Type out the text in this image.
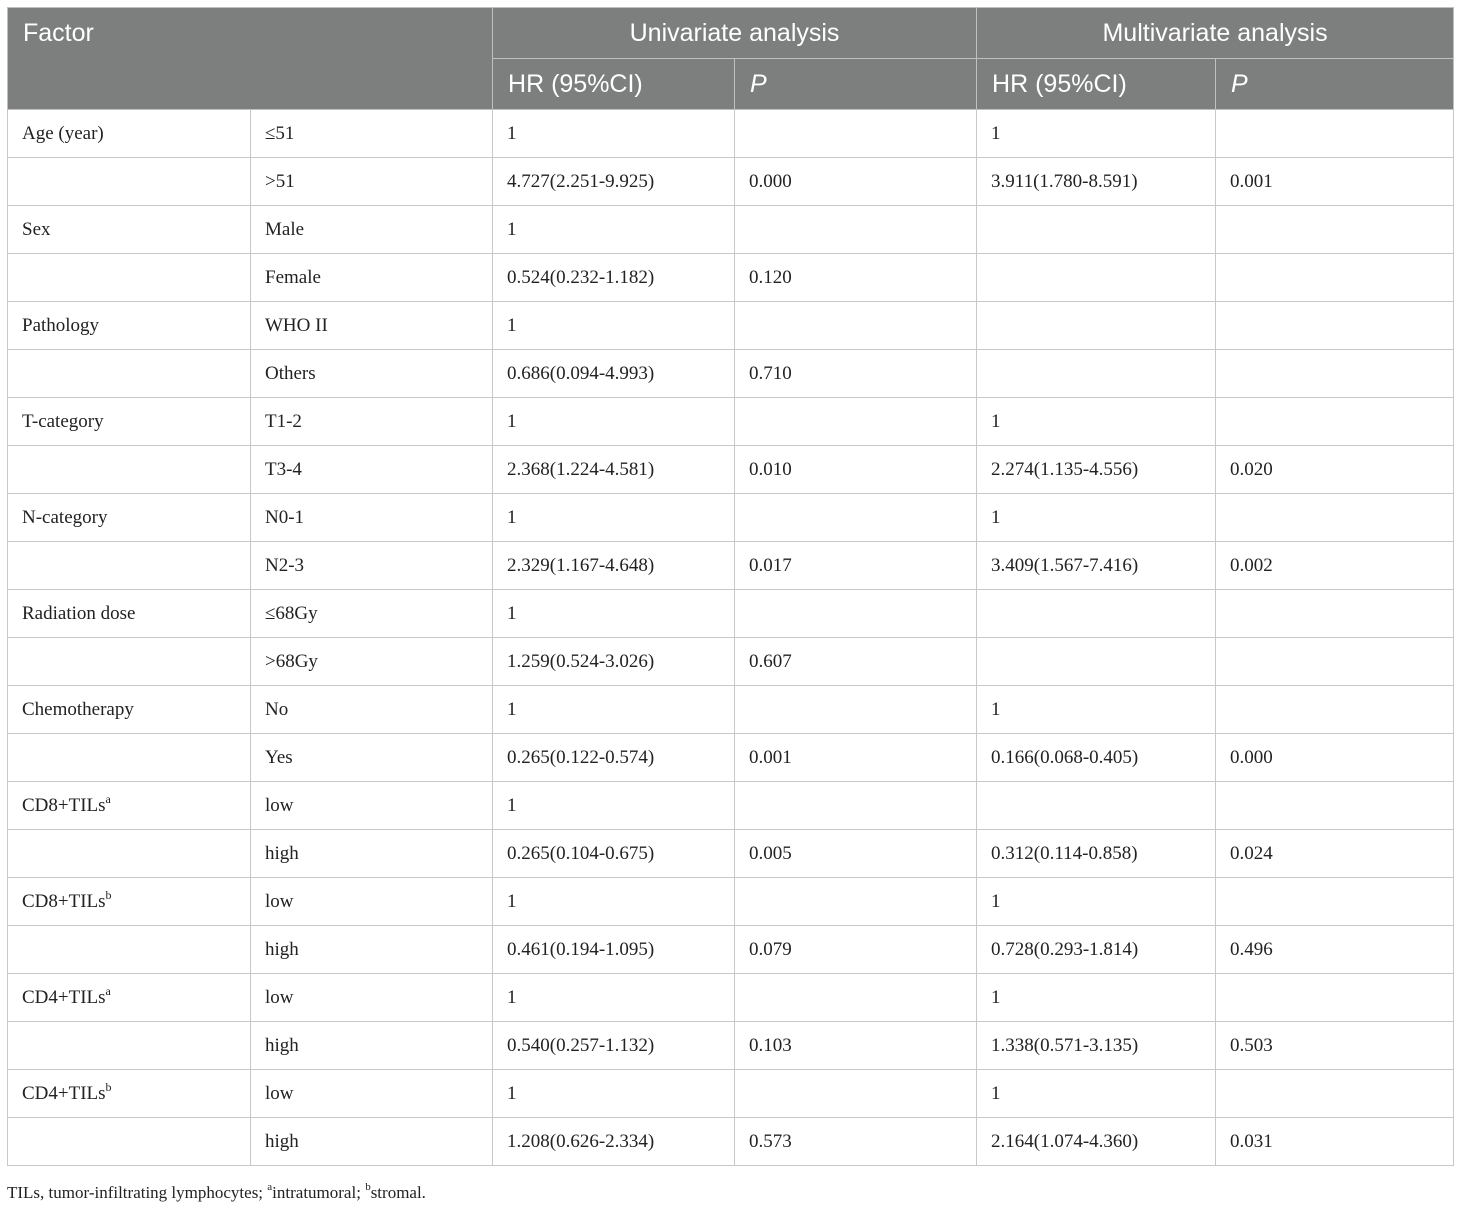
Factor		Univariate analysis		Multivariate analysis	
		HR (95%CI)	P	HR (95%CI)	P
Age (year)	≤51	1		1	
	>51	4.727(2.251-9.925)	0.000	3.911(1.780-8.591)	0.001
Sex	Male	1			
	Female	0.524(0.232-1.182)	0.120		
Pathology	WHO II	1			
	Others	0.686(0.094-4.993)	0.710		
T-category	T1-2	1		1	
	T3-4	2.368(1.224-4.581)	0.010	2.274(1.135-4.556)	0.020
N-category	N0-1	1		1	
	N2-3	2.329(1.167-4.648)	0.017	3.409(1.567-7.416)	0.002
Radiation dose	≤68Gy	1			
	>68Gy	1.259(0.524-3.026)	0.607		
Chemotherapy	No	1		1	
	Yes	0.265(0.122-0.574)	0.001	0.166(0.068-0.405)	0.000
CD8+TILs$^a$	low	1			
	high	0.265(0.104-0.675)	0.005	0.312(0.114-0.858)	0.024
CD8+TILs$^b$	low	1		1	
	high	0.461(0.194-1.095)	0.079	0.728(0.293-1.814)	0.496
CD4+TILs$^a$	low	1		1	
	high	0.540(0.257-1.132)	0.103	1.338(0.571-3.135)	0.503
CD4+TILs$^b$	low	1		1	
	high	1.208(0.626-2.334)	0.573	2.164(1.074-4.360)	0.031
TILs, tumor-infiltrating lymphocytes; $^a$intratumoral; $^b$stromal.
